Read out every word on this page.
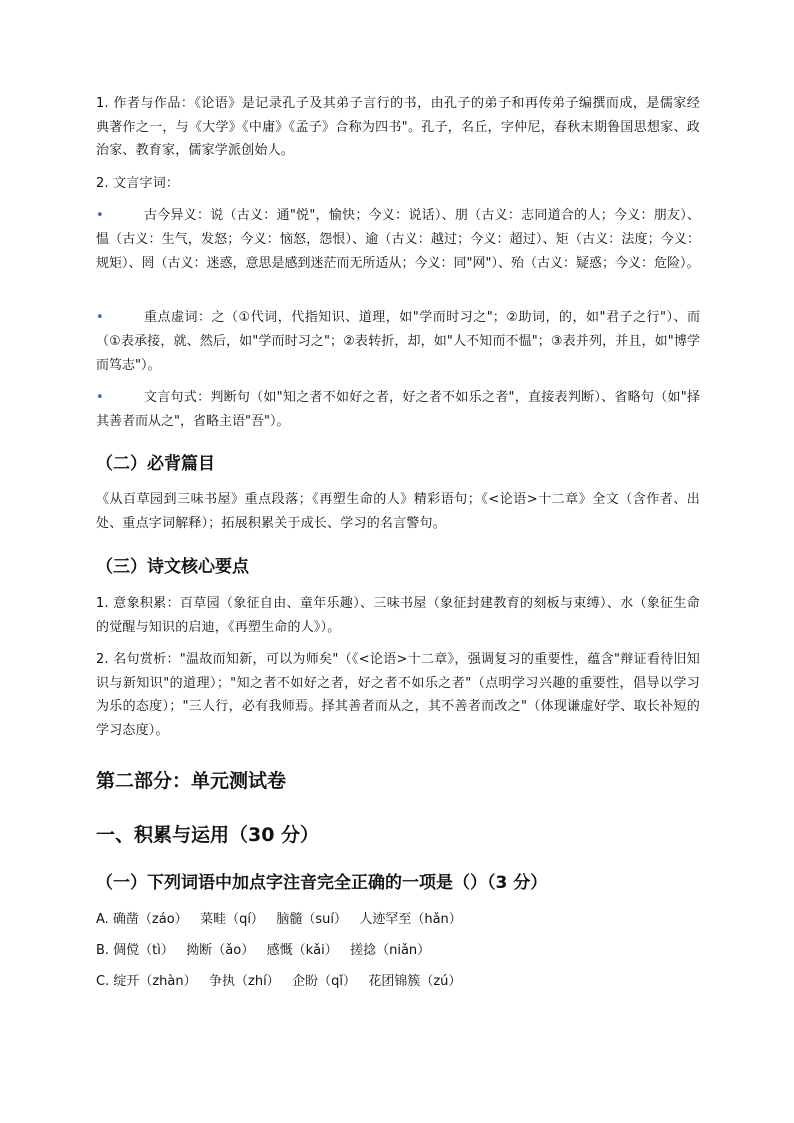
1. 作者与作品：《论语》是记录孔子及其弟子言行的书，由孔子的弟子和再传弟子编撰而成，是儒家经典著作之一，与《大学》《中庸》《孟子》合称为四书"。孔子，名丘，字仲尼，春秋末期鲁国思想家、政治家、教育家，儒家学派创始人。

2. 文言字词：

•	古今异义：说（古义：通"悦"，愉快；今义：说话）、朋（古义：志同道合的人；今义：朋友）、愠（古义：生气，发怒；今义：恼怒，怨恨）、逾（古义：越过；今义：超过）、矩（古义：法度；今义：规矩）、罔（古义：迷惑，意思是感到迷茫而无所适从；今义：同"网"）、殆（古义：疑惑；今义：危险）。
•	重点虚词：之（①代词，代指知识、道理，如"学而时习之"；②助词，的，如"君子之行"）、而（①表承接，就、然后，如"学而时习之"；②表转折，却，如"人不知而不愠"；③表并列，并且，如"博学而笃志"）。
•	文言句式：判断句（如"知之者不如好之者，好之者不如乐之者"，直接表判断）、省略句（如"择其善者而从之"，省略主语"吾"）。
（二）必背篇目

《从百草园到三味书屋》重点段落；《再塑生命的人》精彩语句；《<论语>十二章》全文（含作者、出处、重点字词解释）；拓展积累关于成长、学习的名言警句。

（三）诗文核心要点

1. 意象积累：百草园（象征自由、童年乐趣）、三味书屋（象征封建教育的刻板与束缚）、水（象征生命的觉醒与知识的启迪，《再塑生命的人》）。

2. 名句赏析："温故而知新，可以为师矣"（《<论语>十二章》，强调复习的重要性，蕴含"辩证看待旧知识与新知识"的道理）；"知之者不如好之者，好之者不如乐之者"（点明学习兴趣的重要性，倡导以学习为乐的态度）；"三人行，必有我师焉。择其善者而从之，其不善者而改之"（体现谦虚好学、取长补短的学习态度）。

第二部分：单元测试卷
一、积累与运用（30 分）
（一）下列词语中加点字注音完全正确的一项是（）（3 分）

A. 确凿（záo）   菜畦（qí）   脑髓（suí）   人迹罕至（hǎn）

B. 倜傥（tì）   拗断（ǎo）   感慨（kǎi）   搓捻（niǎn）

C. 绽开（zhàn）   争执（zhí）   企盼（qǐ）   花团锦簇（zú）
